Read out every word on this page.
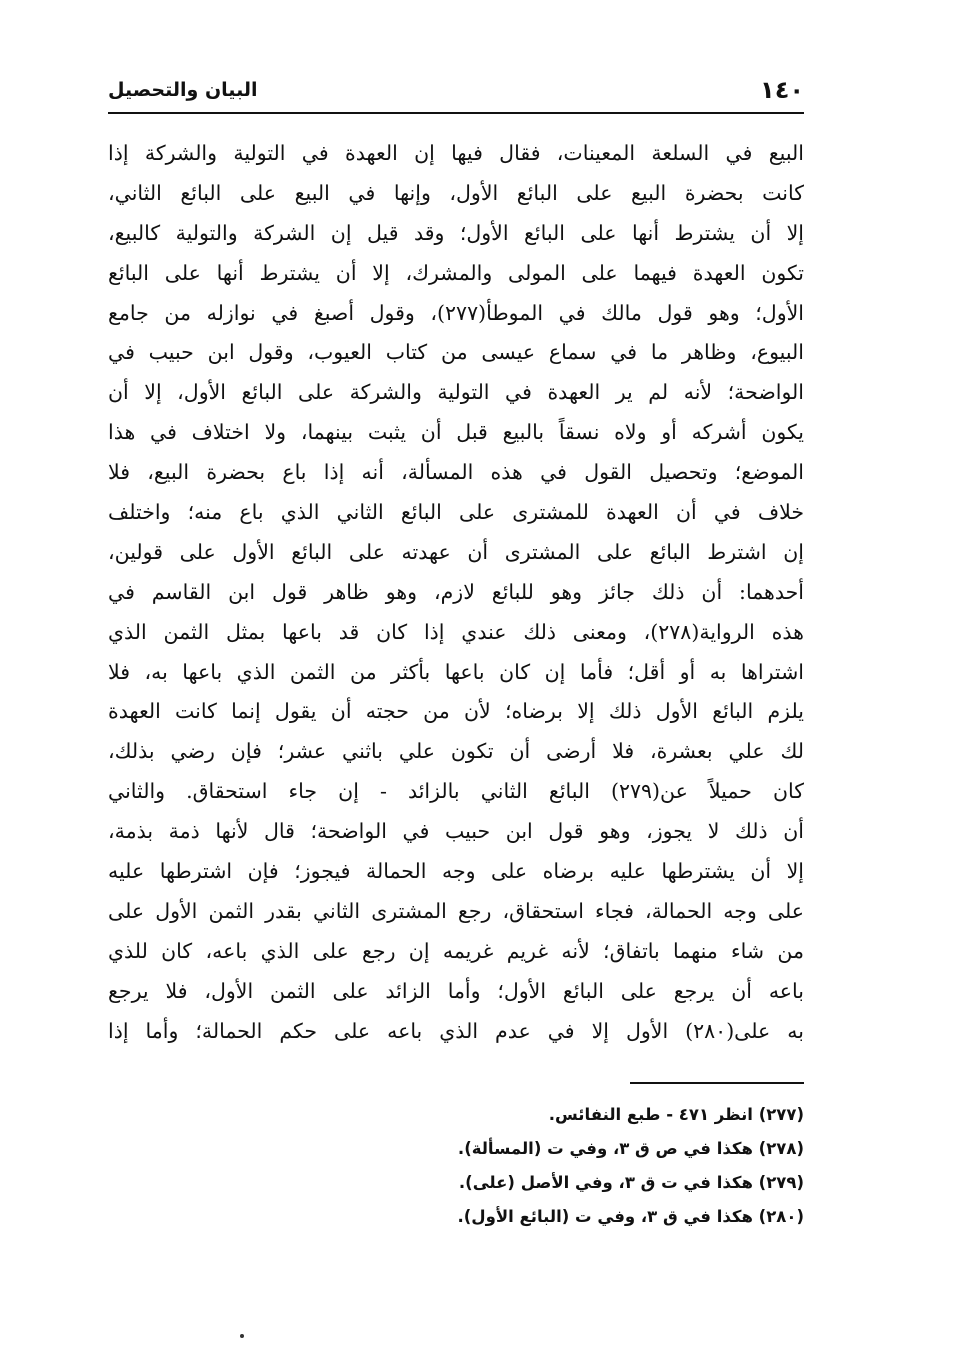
١٤٠
البيان والتحصيل
البيع في السلعة المعينات، فقال فيها إن العهدة في التولية والشركة إذا
كانت بحضرة البيع على البائع الأول، وإنها في البيع على البائع الثاني،
إلا أن يشترط أنها على البائع الأول؛ وقد قيل إن الشركة والتولية كالبيع،
تكون العهدة فيهما على المولى والمشرك، إلا أن يشترط أنها على البائع
الأول؛ وهو قول مالك في الموطأ(٢٧٧)، وقول أصبغ في نوازله من جامع
البيوع، وظاهر ما في سماع عيسى من كتاب العيوب، وقول ابن حبيب في
الواضحة؛ لأنه لم ير العهدة في التولية والشركة على البائع الأول، إلا أن
يكون أشركه أو ولاه نسقاً بالبيع قبل أن يثبت بينهما، ولا اختلاف في هذا
الموضع؛ وتحصيل القول في هذه المسألة، أنه إذا باع بحضرة البيع، فلا
خلاف في أن العهدة للمشترى على البائع الثاني الذي باع منه؛ واختلف
إن اشترط البائع على المشترى أن عهدته على البائع الأول على قولين،
أحدهما: أن ذلك جائز وهو للبائع لازم، وهو ظاهر قول ابن القاسم في
هذه الرواية(٢٧٨)، ومعنى ذلك عندي إذا كان قد باعها بمثل الثمن الذي
اشتراها به أو أقل؛ فأما إن كان باعها بأكثر من الثمن الذي باعها به، فلا
يلزم البائع الأول ذلك إلا برضاه؛ لأن من حجته أن يقول إنما كانت العهدة
لك علي بعشرة، فلا أرضى أن تكون علي باثني عشر؛ فإن رضي بذلك،
كان حميلاً عن(٢٧٩) البائع الثاني بالزائد - إن جاء استحقاق. والثاني
أن ذلك لا يجوز، وهو قول ابن حبيب في الواضحة؛ قال لأنها ذمة بذمة،
إلا أن يشترطها عليه برضاه على وجه الحمالة فيجوز؛ فإن اشترطها عليه
على وجه الحمالة، فجاء استحقاق، رجع المشترى الثاني بقدر الثمن الأول على
من شاء منهما باتفاق؛ لأنه غريم غريمه إن رجع على الذي باعه، كان للذي
باعه أن يرجع على البائع الأول؛ وأما الزائد على الثمن الأول، فلا يرجع
به على(٢٨٠) الأول إلا في عدم الذي باعه على حكم الحمالة؛ وأما إذا
(٢٧٧) انظر ٤٧١ - طبع النفائس.
(٢٧٨) هكذا في ص ق ٣، وفي ت (المسألة).
(٢٧٩) هكذا في ت ق ٣، وفي الأصل (على).
(٢٨٠) هكذا في ق ٣، وفي ت (البائع الأول).
